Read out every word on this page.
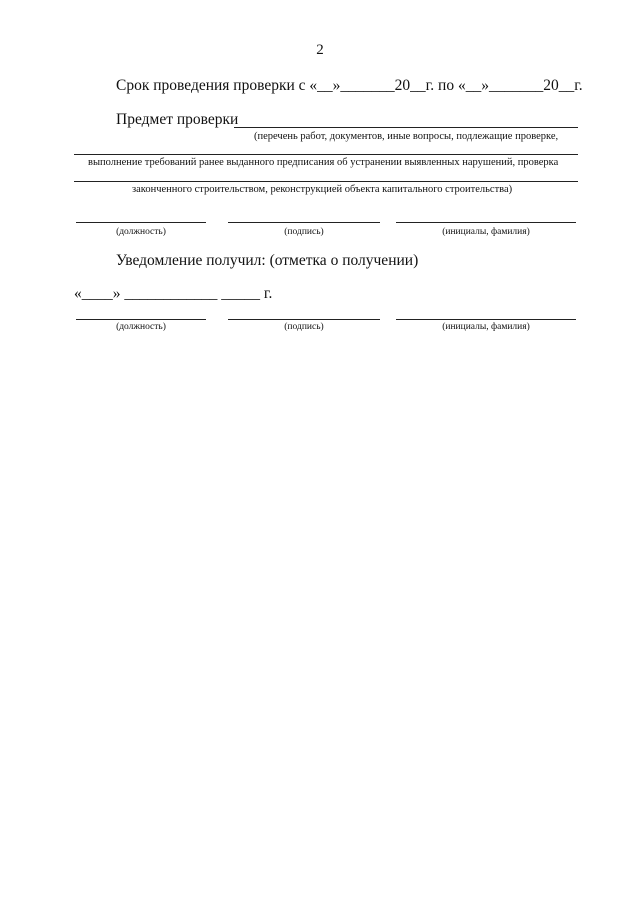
2
Срок проведения проверки с «__»_______20__г. по «__»_______20__г.
Предмет проверки
(перечень работ, документов, иные вопросы, подлежащие проверке,
выполнение требований ранее выданного предписания об устранении выявленных нарушений, проверка
законченного строительством, реконструкцией объекта капитального строительства)
(должность)	(подпись)	(инициалы, фамилия)
Уведомление получил: (отметка о получении)
«____» ____________ _____ г.
(должность)	(подпись)	(инициалы, фамилия)
